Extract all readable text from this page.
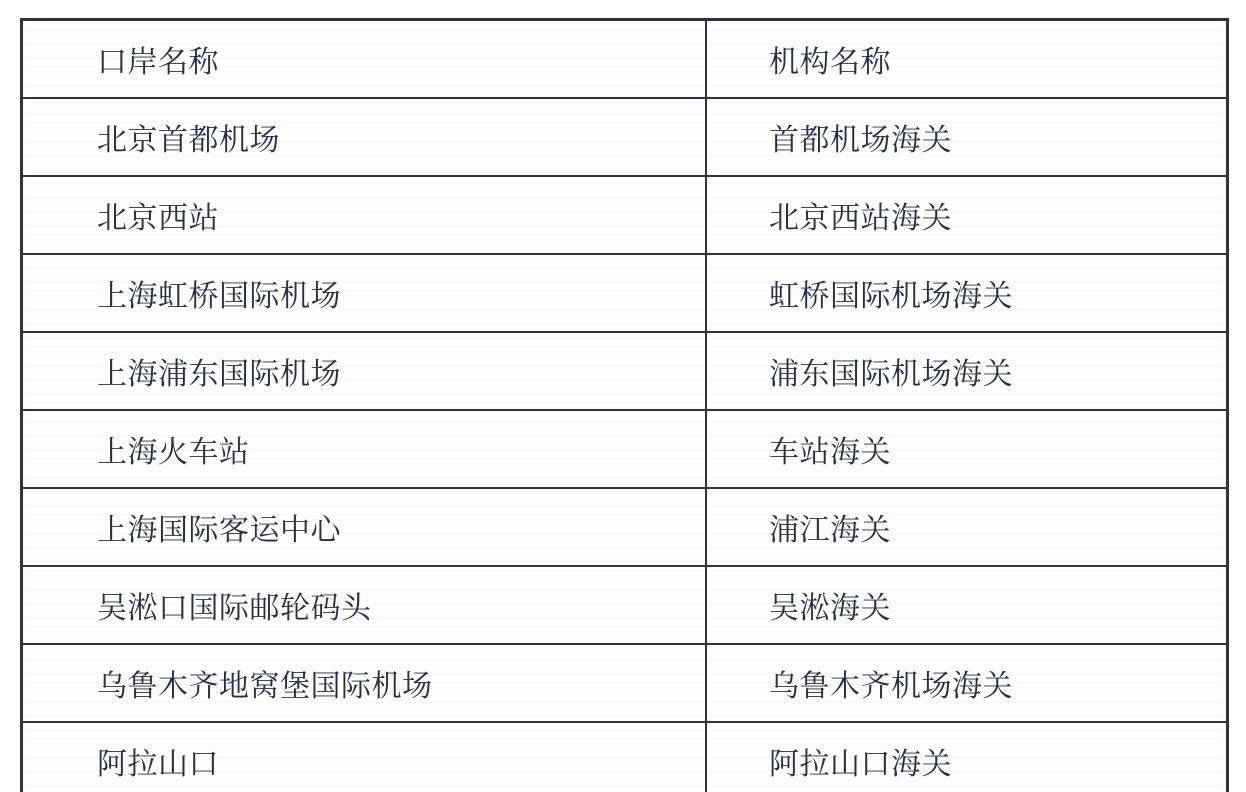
口岸名称	机构名称
北京首都机场	首都机场海关
北京西站	北京西站海关
上海虹桥国际机场	虹桥国际机场海关
上海浦东国际机场	浦东国际机场海关
上海火车站	车站海关
上海国际客运中心	浦江海关
吴淞口国际邮轮码头	吴淞海关
乌鲁木齐地窝堡国际机场	乌鲁木齐机场海关
阿拉山口	阿拉山口海关
